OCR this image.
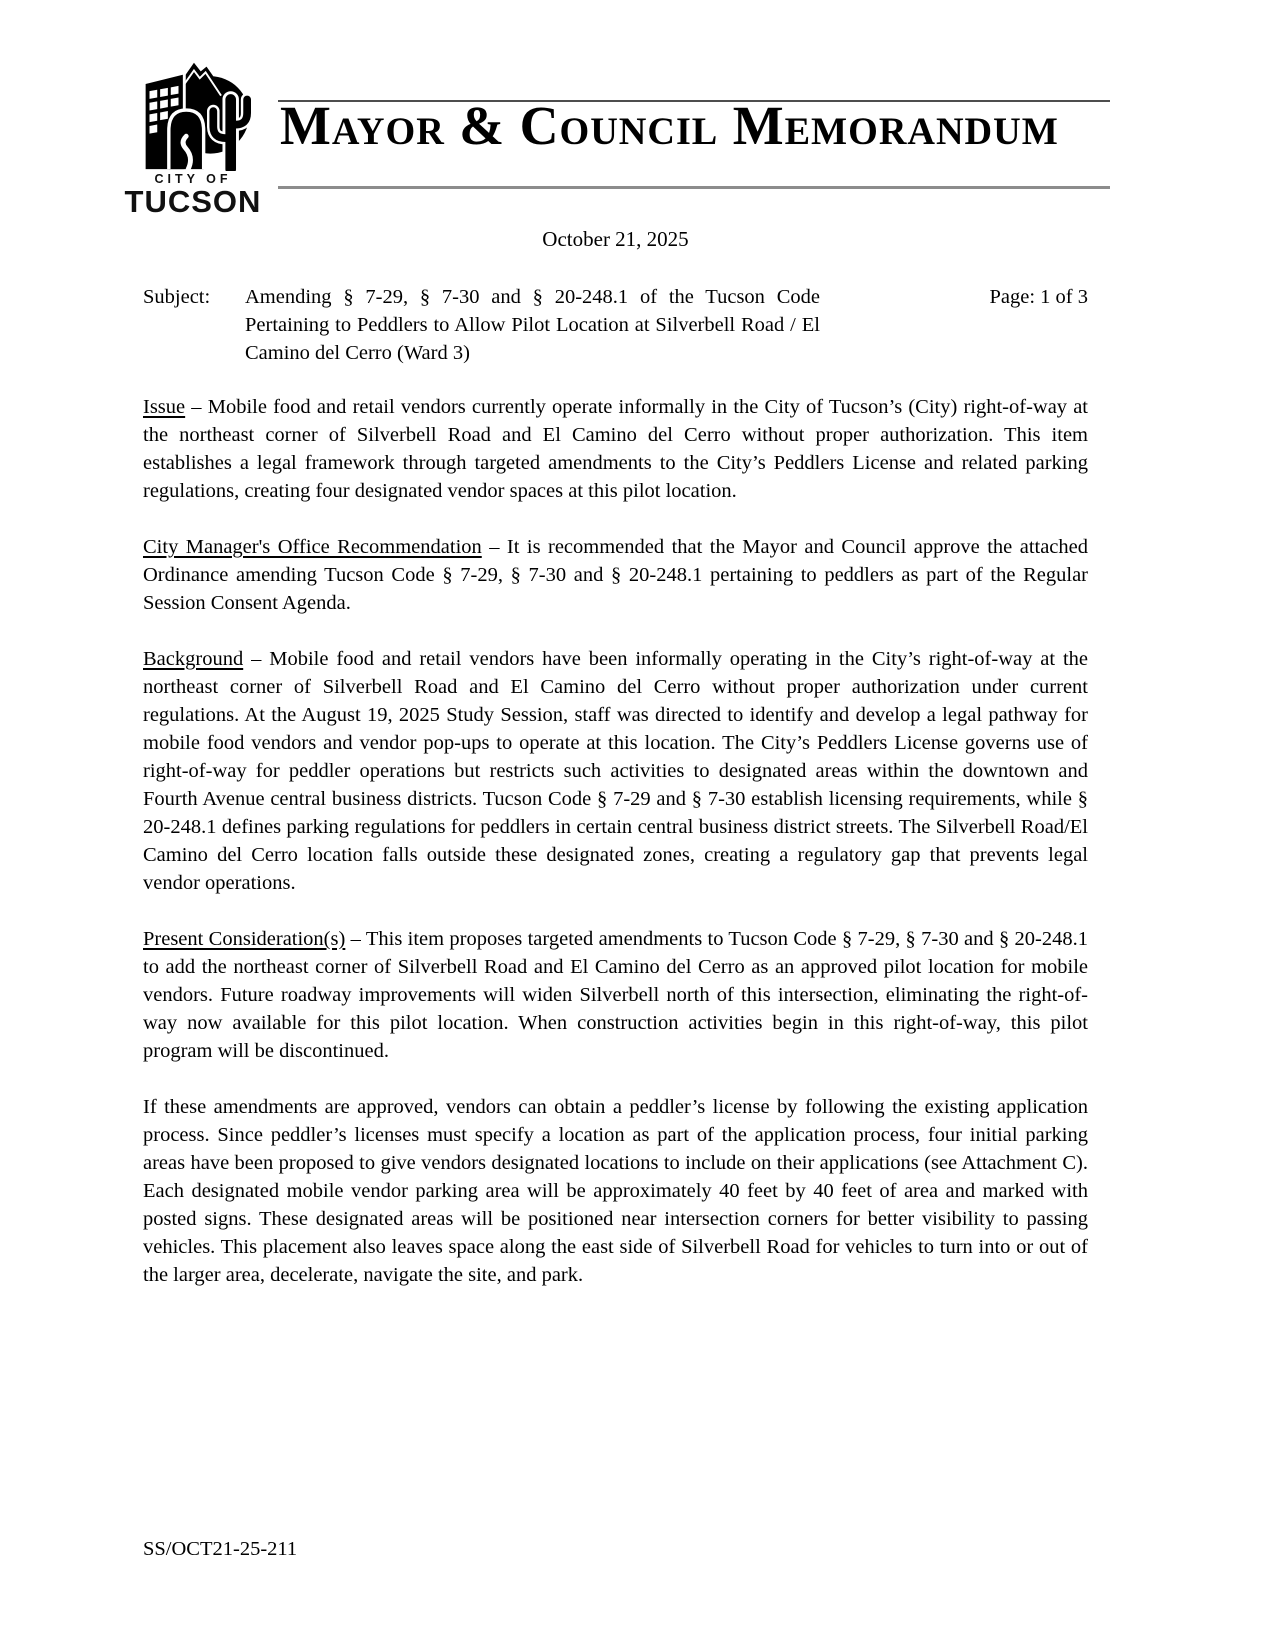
CITY OF
TUCSON
Mayor & Council Memorandum
October 21, 2025
Subject:	Amending § 7-29, § 7-30 and § 20-248.1 of the Tucson Code Pertaining to Peddlers to Allow Pilot Location at Silverbell Road / El Camino del Cerro (Ward 3)
Page: 1 of 3

Issue – Mobile food and retail vendors currently operate informally in the City of Tucson’s (City) right-of-way at the northeast corner of Silverbell Road and El Camino del Cerro without proper authorization. This item establishes a legal framework through targeted amendments to the City’s Peddlers License and related parking regulations, creating four designated vendor spaces at this pilot location.

City Manager's Office Recommendation – It is recommended that the Mayor and Council approve the attached Ordinance amending Tucson Code § 7-29, § 7-30 and § 20-248.1 pertaining to peddlers as part of the Regular Session Consent Agenda.

Background – Mobile food and retail vendors have been informally operating in the City’s right-of-way at the northeast corner of Silverbell Road and El Camino del Cerro without proper authorization under current regulations. At the August 19, 2025 Study Session, staff was directed to identify and develop a legal pathway for mobile food vendors and vendor pop-ups to operate at this location. The City’s Peddlers License governs use of right-of-way for peddler operations but restricts such activities to designated areas within the downtown and Fourth Avenue central business districts. Tucson Code § 7-29 and § 7-30 establish licensing requirements, while § 20-248.1 defines parking regulations for peddlers in certain central business district streets. The Silverbell Road/El Camino del Cerro location falls outside these designated zones, creating a regulatory gap that prevents legal vendor operations.

Present Consideration(s) – This item proposes targeted amendments to Tucson Code § 7-29, § 7-30 and § 20-248.1 to add the northeast corner of Silverbell Road and El Camino del Cerro as an approved pilot location for mobile vendors. Future roadway improvements will widen Silverbell north of this intersection, eliminating the right-of-way now available for this pilot location. When construction activities begin in this right-of-way, this pilot program will be discontinued.

If these amendments are approved, vendors can obtain a peddler’s license by following the existing application process. Since peddler’s licenses must specify a location as part of the application process, four initial parking areas have been proposed to give vendors designated locations to include on their applications (see Attachment C). Each designated mobile vendor parking area will be approximately 40 feet by 40 feet of area and marked with posted signs. These designated areas will be positioned near intersection corners for better visibility to passing vehicles. This placement also leaves space along the east side of Silverbell Road for vehicles to turn into or out of the larger area, decelerate, navigate the site, and park.

SS/OCT21-25-211
